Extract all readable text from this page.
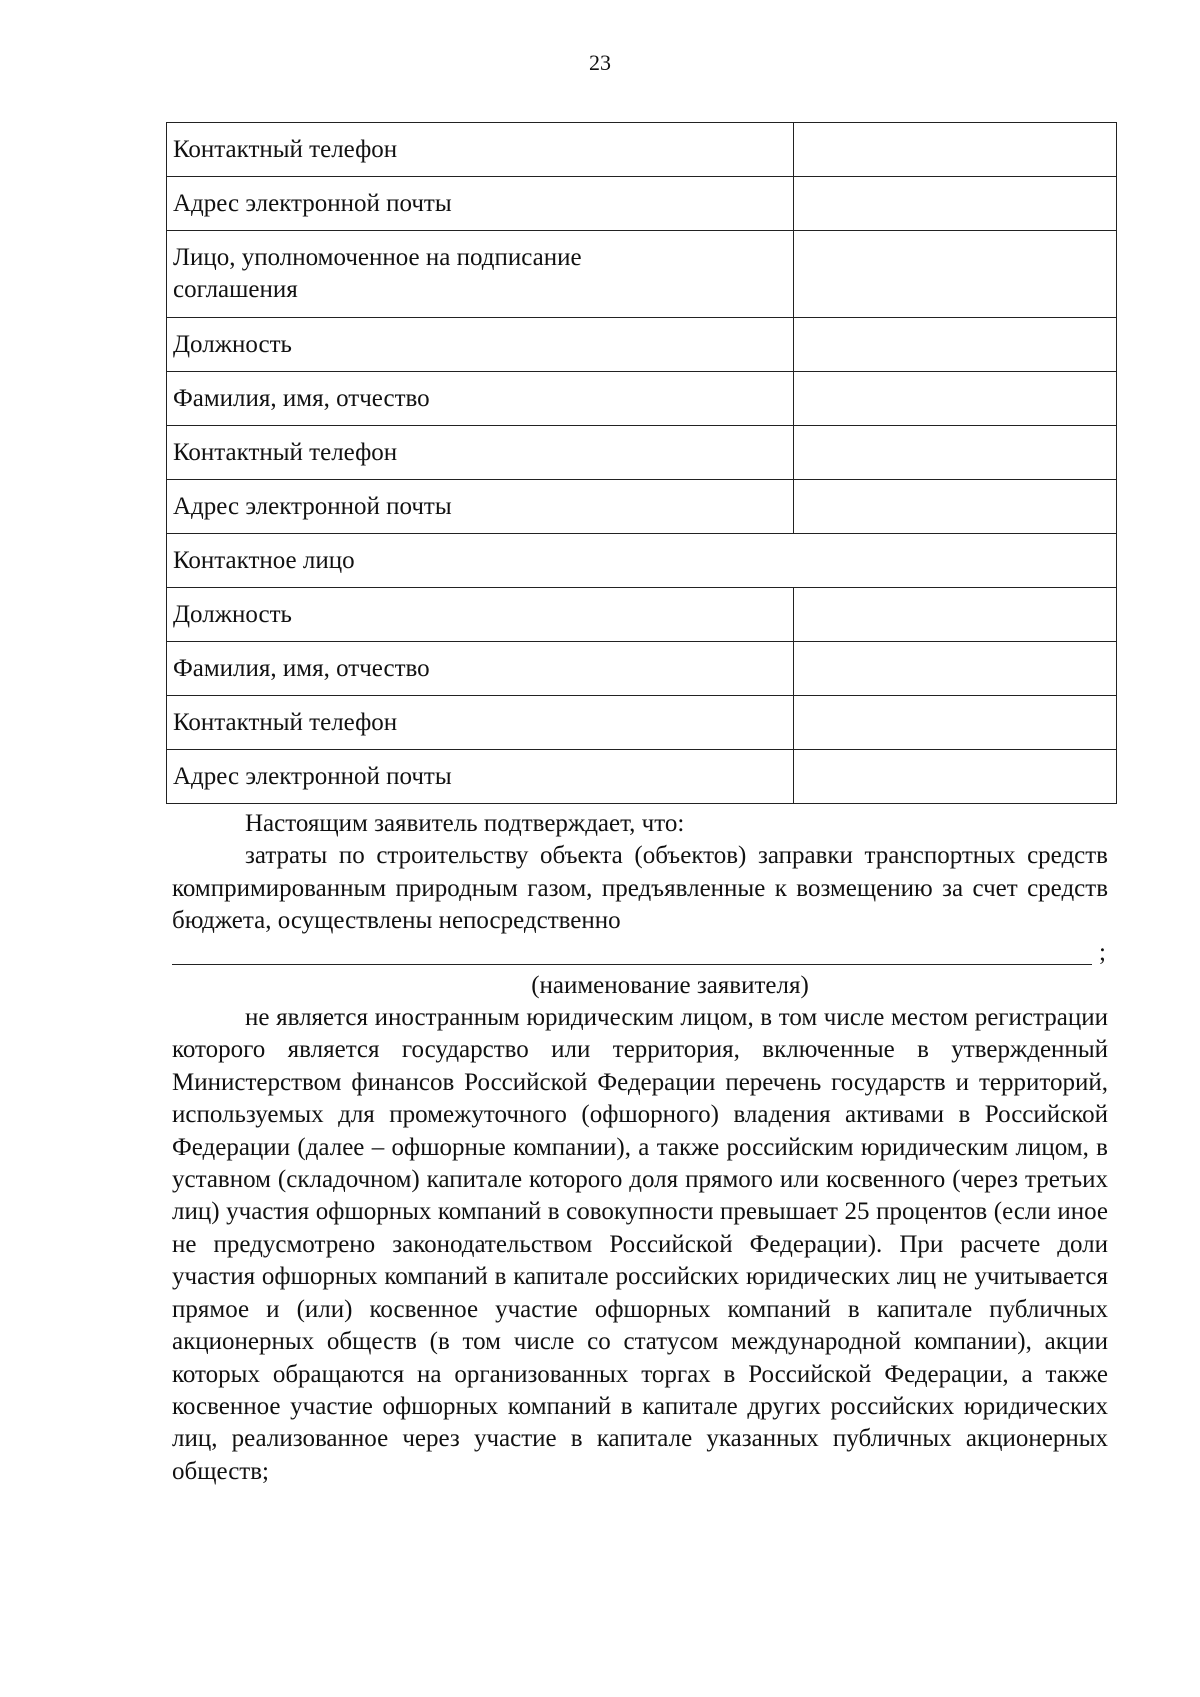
23
Контактный телефон	
Адрес электронной почты	

Лицо, уполномоченное на подписание соглашения	

Должность	
Фамилия, имя, отчество	
Контактный телефон	
Адрес электронной почты	
Контактное лицо	
Должность	
Фамилия, имя, отчество	
Контактный телефон	
Адрес электронной почты	

Настоящим заявитель подтверждает, что:

затраты по строительству объекта (объектов) заправки транспортных средств компримированным природным газом, предъявленные к возмещению за счет средств бюджета, осуществлены непосредственно

;

(наименование заявителя)

не является иностранным юридическим лицом, в том числе местом регистрации которого является государство или территория, включенные в утвержденный Министерством финансов Российской Федерации перечень государств и территорий, используемых для промежуточного (офшорного) владения активами в Российской Федерации (далее – офшорные компании), а также российским юридическим лицом, в уставном (складочном) капитале которого доля прямого или косвенного (через третьих лиц) участия офшорных компаний в совокупности превышает 25 процентов (если иное не предусмотрено законодательством Российской Федерации). При расчете доли участия офшорных компаний в капитале российских юридических лиц не учитывается прямое и (или) косвенное участие офшорных компаний в капитале публичных акционерных обществ (в том числе со статусом международной компании), акции которых обращаются на организованных торгах в Российской Федерации, а также косвенное участие офшорных компаний в капитале других российских юридических лиц, реализованное через участие в капитале указанных публичных акционерных обществ;
